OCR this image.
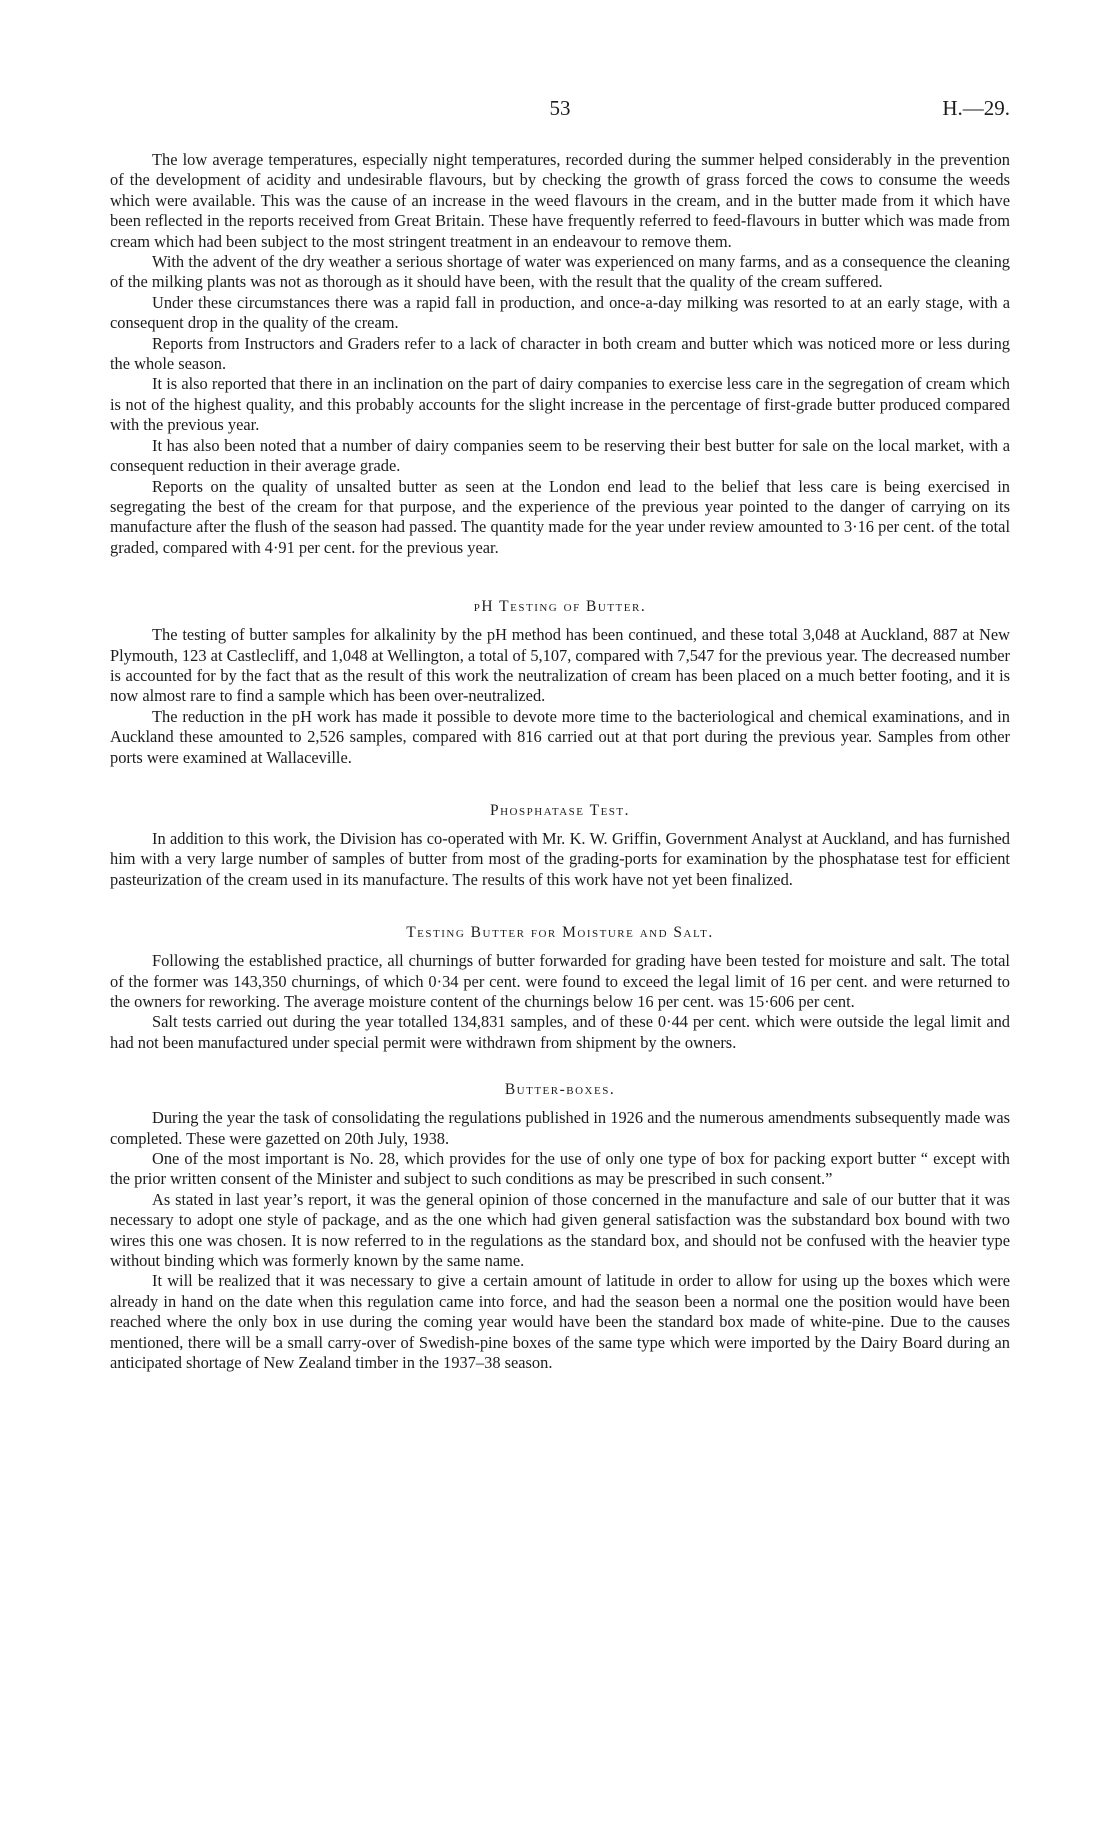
53	H.—29.

The low average temperatures, especially night temperatures, recorded during the summer helped considerably in the prevention of the development of acidity and undesirable flavours, but by checking the growth of grass forced the cows to consume the weeds which were available. This was the cause of an increase in the weed flavours in the cream, and in the butter made from it which have been reflected in the reports received from Great Britain. These have frequently referred to feed-flavours in butter which was made from cream which had been subject to the most stringent treatment in an endeavour to remove them.

With the advent of the dry weather a serious shortage of water was experienced on many farms, and as a consequence the cleaning of the milking plants was not as thorough as it should have been, with the result that the quality of the cream suffered.

Under these circumstances there was a rapid fall in production, and once-a-day milking was resorted to at an early stage, with a consequent drop in the quality of the cream.

Reports from Instructors and Graders refer to a lack of character in both cream and butter which was noticed more or less during the whole season.

It is also reported that there in an inclination on the part of dairy companies to exercise less care in the segregation of cream which is not of the highest quality, and this probably accounts for the slight increase in the percentage of first-grade butter produced compared with the previous year.

It has also been noted that a number of dairy companies seem to be reserving their best butter for sale on the local market, with a consequent reduction in their average grade.

Reports on the quality of unsalted butter as seen at the London end lead to the belief that less care is being exercised in segregating the best of the cream for that purpose, and the experience of the previous year pointed to the danger of carrying on its manufacture after the flush of the season had passed. The quantity made for the year under review amounted to 3·16 per cent. of the total graded, compared with 4·91 per cent. for the previous year.

pH Testing of Butter.

The testing of butter samples for alkalinity by the pH method has been continued, and these total 3,048 at Auckland, 887 at New Plymouth, 123 at Castlecliff, and 1,048 at Wellington, a total of 5,107, compared with 7,547 for the previous year. The decreased number is accounted for by the fact that as the result of this work the neutralization of cream has been placed on a much better footing, and it is now almost rare to find a sample which has been over-neutralized.

The reduction in the pH work has made it possible to devote more time to the bacteriological and chemical examinations, and in Auckland these amounted to 2,526 samples, compared with 816 carried out at that port during the previous year. Samples from other ports were examined at Wallaceville.

Phosphatase Test.

In addition to this work, the Division has co-operated with Mr. K. W. Griffin, Government Analyst at Auckland, and has furnished him with a very large number of samples of butter from most of the grading-ports for examination by the phosphatase test for efficient pasteurization of the cream used in its manufacture. The results of this work have not yet been finalized.

Testing Butter for Moisture and Salt.

Following the established practice, all churnings of butter forwarded for grading have been tested for moisture and salt. The total of the former was 143,350 churnings, of which 0·34 per cent. were found to exceed the legal limit of 16 per cent. and were returned to the owners for reworking. The average moisture content of the churnings below 16 per cent. was 15·606 per cent.

Salt tests carried out during the year totalled 134,831 samples, and of these 0·44 per cent. which were outside the legal limit and had not been manufactured under special permit were withdrawn from shipment by the owners.

Butter-boxes.

During the year the task of consolidating the regulations published in 1926 and the numerous amendments subsequently made was completed. These were gazetted on 20th July, 1938.

One of the most important is No. 28, which provides for the use of only one type of box for packing export butter “ except with the prior written consent of the Minister and subject to such conditions as may be prescribed in such consent.”

As stated in last year’s report, it was the general opinion of those concerned in the manufacture and sale of our butter that it was necessary to adopt one style of package, and as the one which had given general satisfaction was the substandard box bound with two wires this one was chosen. It is now referred to in the regulations as the standard box, and should not be confused with the heavier type without binding which was formerly known by the same name.

It will be realized that it was necessary to give a certain amount of latitude in order to allow for using up the boxes which were already in hand on the date when this regulation came into force, and had the season been a normal one the position would have been reached where the only box in use during the coming year would have been the standard box made of white-pine. Due to the causes mentioned, there will be a small carry-over of Swedish-pine boxes of the same type which were imported by the Dairy Board during an anticipated shortage of New Zealand timber in the 1937–38 season.
